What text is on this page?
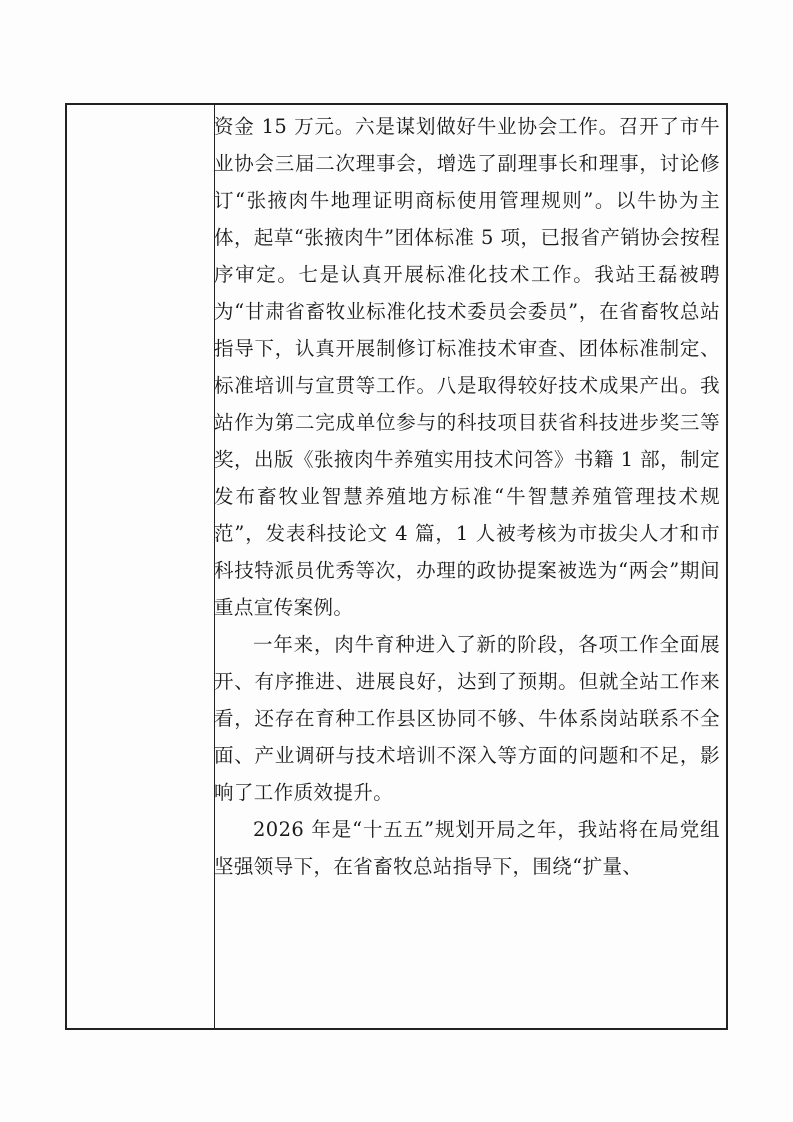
资金 15 万元。六是谋划做好牛业协会工作。召开了市牛业协会三届二次理事会，增选了副理事长和理事，讨论修订“张掖肉牛地理证明商标使用管理规则”。以牛协为主体，起草“张掖肉牛”团体标准 5 项，已报省产销协会按程序审定。七是认真开展标准化技术工作。我站王磊被聘为“甘肃省畜牧业标准化技术委员会委员”，在省畜牧总站指导下，认真开展制修订标准技术审查、团体标准制定、标准培训与宣贯等工作。八是取得较好技术成果产出。我站作为第二完成单位参与的科技项目获省科技进步奖三等奖，出版《张掖肉牛养殖实用技术问答》书籍 1 部，制定发布畜牧业智慧养殖地方标准“牛智慧养殖管理技术规范”，发表科技论文 4 篇，1 人被考核为市拔尖人才和市科技特派员优秀等次，办理的政协提案被选为“两会”期间重点宣传案例。

一年来，肉牛育种进入了新的阶段，各项工作全面展开、有序推进、进展良好，达到了预期。但就全站工作来看，还存在育种工作县区协同不够、牛体系岗站联系不全面、产业调研与技术培训不深入等方面的问题和不足，影响了工作质效提升。

2026 年是“十五五”规划开局之年，我站将在局党组坚强领导下，在省畜牧总站指导下，围绕“扩量、
